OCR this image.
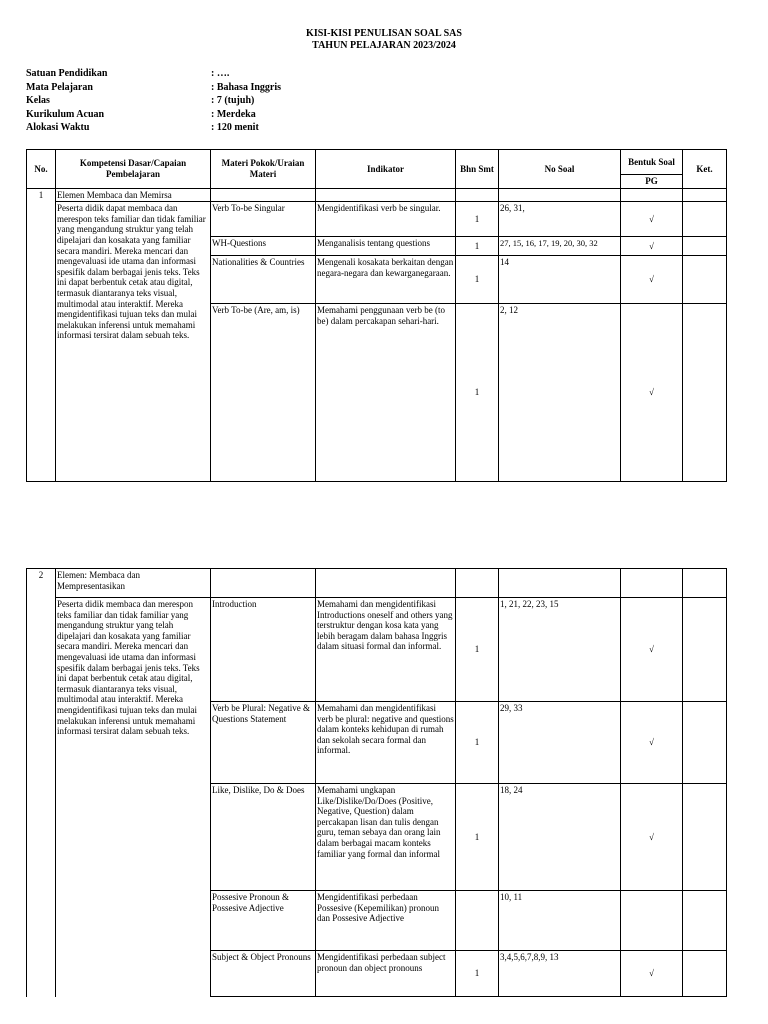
KISI-KISI PENULISAN SOAL SAS
TAHUN PELAJARAN 2023/2024
Satuan Pendidikan	: ….
Mata Pelajaran	: Bahasa Inggris
Kelas	: 7 (tujuh)
Kurikulum Acuan	: Merdeka
Alokasi Waktu	: 120 menit
No.	Kompetensi Dasar/Capaian Pembelajaran	Materi Pokok/Uraian Materi	Indikator	Bhn Smt	No Soal	Bentuk Soal	Ket.
						PG	
1	Elemen Membaca dan Memirsa						
	Peserta didik dapat membaca dan merespon teks familiar dan tidak familiar yang mengandung struktur yang telah dipelajari dan kosakata yang familiar secara mandiri. Mereka mencari dan mengevaluasi ide utama dan informasi spesifik dalam berbagai jenis teks. Teks ini dapat berbentuk cetak atau digital, termasuk diantaranya teks visual, multimodal atau interaktif. Mereka mengidentifikasi tujuan teks dan mulai melakukan inferensi untuk memahami informasi tersirat dalam sebuah teks.	Verb To-be Singular	Mengidentifikasi verb be singular.	1	26, 31,	√	
		WH-Questions	Menganalisis tentang questions	1	27, 15, 16, 17, 19, 20, 30, 32	√	
		Nationalities & Countries	Mengenali kosakata berkaitan dengan negara-negara dan kewarganegaraan.	1	14	√	
		Verb To-be (Are, am, is)	Memahami penggunaan verb be (to be) dalam percakapan sehari-hari.	1	2, 12	√	
2	Elemen: Membaca dan Mempresentasikan						
	Peserta didik membaca dan merespon teks familiar dan tidak familiar yang mengandung struktur yang telah dipelajari dan kosakata yang familiar secara mandiri. Mereka mencari dan mengevaluasi ide utama dan informasi spesifik dalam berbagai jenis teks. Teks ini dapat berbentuk cetak atau digital, termasuk diantaranya teks visual, multimodal atau interaktif. Mereka mengidentifikasi tujuan teks dan mulai melakukan inferensi untuk memahami informasi tersirat dalam sebuah teks.	Introduction	Memahami dan mengidentifikasi Introductions oneself and others yang terstruktur dengan kosa kata yang lebih beragam dalam bahasa Inggris dalam situasi formal dan informal.	1	1, 21, 22, 23, 15	√	
		Verb be Plural: Negative & Questions Statement	Memahami dan mengidentifikasi verb be plural: negative and questions dalam konteks kehidupan di rumah dan sekolah secara formal dan informal.	1	29, 33	√	
		Like, Dislike, Do & Does	Memahami ungkapan Like/Dislike/Do/Does (Positive, Negative, Question) dalam percakapan lisan dan tulis dengan guru, teman sebaya dan orang lain dalam berbagai macam konteks familiar yang formal dan informal	1	18, 24	√	
		Possesive Pronoun & Possesive Adjective	Mengidentifikasi perbedaan Possesive (Kepemilikan) pronoun dan Possesive Adjective		10, 11		
		Subject & Object Pronouns	Mengidentifikasi perbedaan subject pronoun dan object pronouns	1	3,4,5,6,7,8,9, 13	√	
